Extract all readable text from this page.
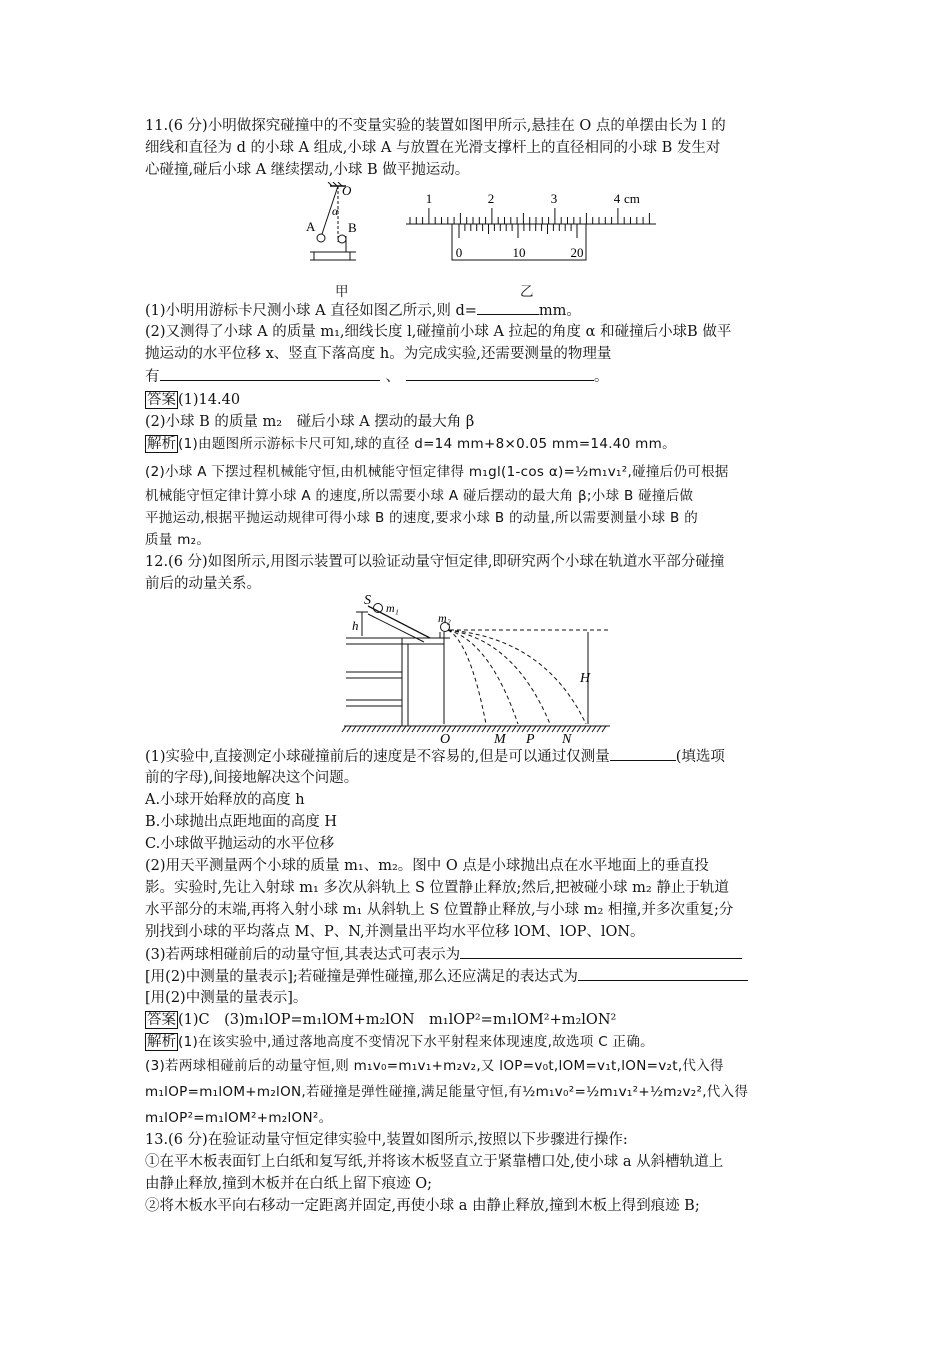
11.(6 分)小明做探究碰撞中的不变量实验的装置如图甲所示,悬挂在 O 点的单摆由长为 l 的
细线和直径为 d 的小球 A 组成,小球 A 与放置在光滑支撑杆上的直径相同的小球 B 发生对
心碰撞,碰后小球 A 继续摆动,小球 B 做平抛运动。
O
α
A	B
1	2	3	4 cm
0	10	20
甲	乙
(1)小明用游标卡尺测小球 A 直径如图乙所示,则 d=	mm。
(2)又测得了小球 A 的质量 m₁,细线长度 l,碰撞前小球 A 拉起的角度 α 和碰撞后小球B 做平
抛运动的水平位移 x、竖直下落高度 h。为完成实验,还需要测量的物理量
有	、	。
答案 (1)14.40
(2)小球 B 的质量 m₂　碰后小球 A 摆动的最大角 β
解析 (1)由题图所示游标卡尺可知,球的直径 d=14 mm+8×0.05 mm=14.40 mm。
(2)小球 A 下摆过程机械能守恒,由机械能守恒定律得 m₁gl(1-cos α)=½m₁v₁²,碰撞后仍可根据
机械能守恒定律计算小球 A 的速度,所以需要小球 A 碰后摆动的最大角 β;小球 B 碰撞后做
平抛运动,根据平抛运动规律可得小球 B 的速度,要求小球 B 的动量,所以需要测量小球 B 的
质量 m₂。
12.(6 分)如图所示,用图示装置可以验证动量守恒定律,即研究两个小球在轨道水平部分碰撞
前后的动量关系。
S m₁
m₂
h
H
O	M P N
(1)实验中,直接测定小球碰撞前后的速度是不容易的,但是可以通过仅测量	(填选项
前的字母),间接地解决这个问题。
A.小球开始释放的高度 h
B.小球抛出点距地面的高度 H
C.小球做平抛运动的水平位移
(2)用天平测量两个小球的质量 m₁、m₂。图中 O 点是小球抛出点在水平地面上的垂直投
影。实验时,先让入射球 m₁ 多次从斜轨上 S 位置静止释放;然后,把被碰小球 m₂ 静止于轨道
水平部分的末端,再将入射小球 m₁ 从斜轨上 S 位置静止释放,与小球 m₂ 相撞,并多次重复;分
别找到小球的平均落点 M、P、N,并测量出平均水平位移 lOM、lOP、lON。
(3)若两球相碰前后的动量守恒,其表达式可表示为
[用(2)中测量的量表示];若碰撞是弹性碰撞,那么还应满足的表达式为
[用(2)中测量的量表示]。
答案 (1)C　(3)m₁lOP=m₁lOM+m₂lON　m₁lOP²=m₁lOM²+m₂lON²
解析 (1)在该实验中,通过落地高度不变情况下水平射程来体现速度,故选项 C 正确。
(3)若两球相碰前后的动量守恒,则 m₁v₀=m₁v₁+m₂v₂,又 lOP=v₀t,lOM=v₁t,lON=v₂t,代入得
m₁lOP=m₁lOM+m₂lON,若碰撞是弹性碰撞,满足能量守恒,有½m₁v₀²=½m₁v₁²+½m₂v₂²,代入得
m₁lOP²=m₁lOM²+m₂lON²。
13.(6 分)在验证动量守恒定律实验中,装置如图所示,按照以下步骤进行操作:
①在平木板表面钉上白纸和复写纸,并将该木板竖直立于紧靠槽口处,使小球 a 从斜槽轨道上
由静止释放,撞到木板并在白纸上留下痕迹 O;
②将木板水平向右移动一定距离并固定,再使小球 a 由静止释放,撞到木板上得到痕迹 B;
